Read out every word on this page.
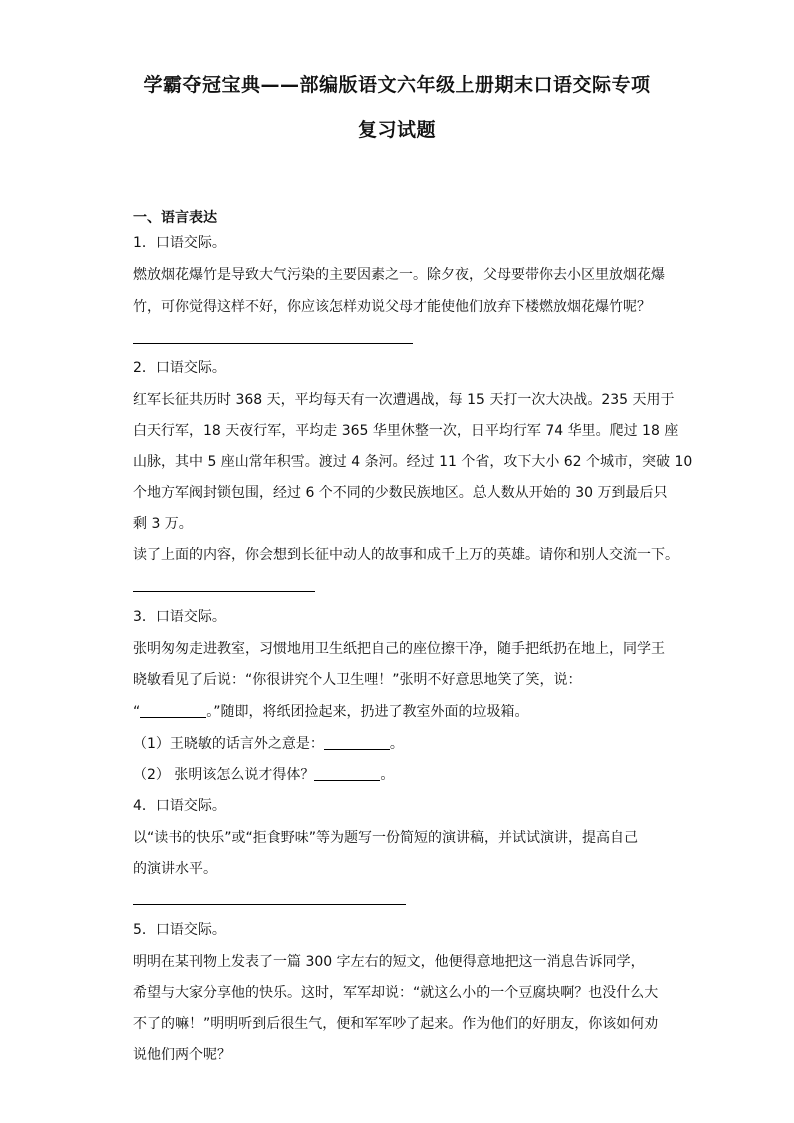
学霸夺冠宝典——部编版语文六年级上册期末口语交际专项
复习试题
一、语言表达
1．口语交际。
燃放烟花爆竹是导致大气污染的主要因素之一。除夕夜，父母要带你去小区里放烟花爆
竹，可你觉得这样不好，你应该怎样劝说父母才能使他们放弃下楼燃放烟花爆竹呢？
2．口语交际。
红军长征共历时 368 天，平均每天有一次遭遇战，每 15 天打一次大决战。235 天用于
白天行军，18 天夜行军，平均走 365 华里休整一次，日平均行军 74 华里。爬过 18 座
山脉，其中 5 座山常年积雪。渡过 4 条河。经过 11 个省，攻下大小 62 个城市，突破 10
个地方军阀封锁包围，经过 6 个不同的少数民族地区。总人数从开始的 30 万到最后只
剩 3 万。
读了上面的内容，你会想到长征中动人的故事和成千上万的英雄。请你和别人交流一下。
3．口语交际。
张明匆匆走进教室，习惯地用卫生纸把自己的座位擦干净，随手把纸扔在地上，同学王
晓敏看见了后说：“你很讲究个人卫生哩！”张明不好意思地笑了笑，说：
“	。”随即，将纸团捡起来，扔进了教室外面的垃圾箱。
（1）王晓敏的话言外之意是：	。
（2） 张明该怎么说才得体？	。
4．口语交际。
以“读书的快乐”或“拒食野味”等为题写一份简短的演讲稿，并试试演讲，提高自己
的演讲水平。
5．口语交际。
明明在某刊物上发表了一篇 300 字左右的短文，他便得意地把这一消息告诉同学，
希望与大家分享他的快乐。这时，军军却说：“就这么小的一个豆腐块啊？也没什么大
不了的嘛！”明明听到后很生气，便和军军吵了起来。作为他们的好朋友，你该如何劝
说他们两个呢？
